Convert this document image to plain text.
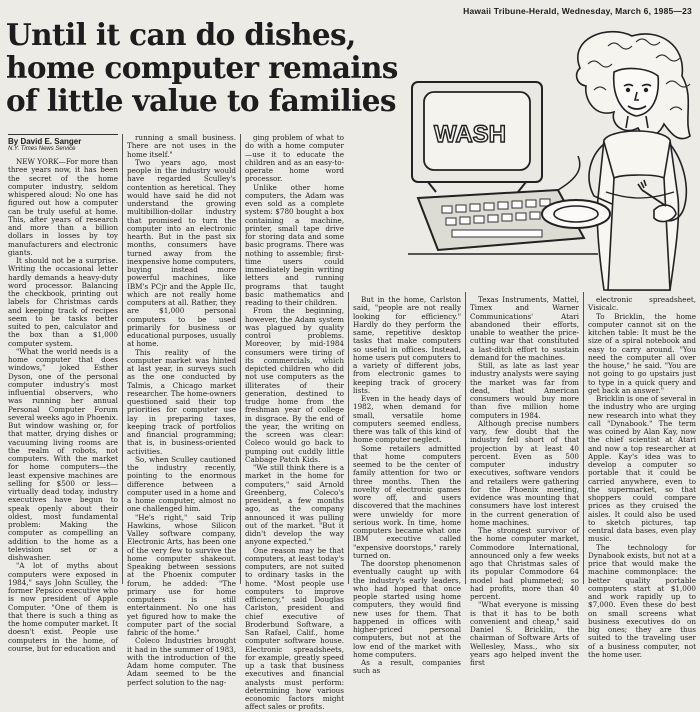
Hawaii Tribune-Herald, Wednesday, March 6, 1985—23
Until it can do dishes,
home computer remains
of little value to families
By David E. Sanger
N.Y. Times News Service
WASH

NEW YORK—For more than three years now, it has been the secret of the home computer industry, seldom whispered aloud: No one has figured out how a computer can be truly useful at home. This, after years of research and more than a billion dollars in losses by toy manufacturers and electronic giants.

It should not be a surprise. Writing the occasional letter hardly demands a heavy-duty word processor. Balancing the checkbook, printing out labels for Christmas cards and keeping track of recipes seem to be tasks better suited to pen, calculator and the box than a $1,000 computer system.

"What the world needs is a home computer that does windows," joked Esther Dyson, one of the personal computer industry's most influential observers, who was running her annual Personal Computer Forum several weeks ago in Phoenix. But window washing or, for that matter, drying dishes or vacuuming living rooms are the realm of robots, not computers. With the market for home computers—the least expensive machines are selling for $500 or less—virtually dead today, industry executives have begun to speak openly about their oldest, most fundamental problem: Making the computer as compelling an addition to the home as a television set or a dishwasher.

"A lot of myths about computers were exposed in 1984," says John Sculley, the former Pepsico executive who is now president of Apple Computer. "One of them is that there is such a thing as the home computer market. It doesn't exist. People use computers in the home, of course, but for education and

running a small business. There are not uses in the home itself."

Two years ago, most people in the industry would have regarded Sculley's contention as heretical. They would have said he did not understand the growing multibillion-dollar industry that promised to turn the computer into an electronic hearth. But in the past six months, consumers have turned away from the inexpensive home computers, buying instead more powerful machines, like IBM's PCjr and the Apple IIc, which are not really home computers at all. Rather, they are $1,000 personal computers to be used primarily for business or educational purposes, usually at home.

This reality of the computer market was hinted at last year, in surveys such as the one conducted by Talmis, a Chicago market researcher. The home-owners questioned said their top priorities for computer use lay in preparing taxes, keeping track of portfolios and financial programming; that is, in business-oriented activities.

So, when Sculley cautioned the industry recently, pointing to the enormous difference between a computer used in a home and a home computer, almost no one challenged him.

"He's right," said Trip Hawkins, whose Silicon Valley software company, Electronic Arts, has been one of the very few to survive the home computer shakeout. Speaking between sessions at the Phoenix computer forum, he added: "The primary use for home computers is still entertainment. No one has yet figured how to make the computer part of the social fabric of the home."

Coleco Industries brought it had in the summer of 1983, with the introduction of the Adam home computer. The Adam seemed to be the perfect solution to the nag-

ging problem of what to do with a home computer—use it to educate the children and as an easy-to-operate home word processor.

Unlike other home computers, the Adam was even sold as a complete system: $780 bought a box containing a machine, printer, small tape drive for storing data and some basic programs. There was nothing to assemble; first-time users could immediately begin writing letters and running programs that taught basic mathematics and reading to their children.

From the beginning, however, the Adam system was plagued by quality control problems. Moreover, by mid-1984 consumers were tiring of its commercials, which depicted children who did not use computers as the illiterates of their generation, destined to trudge home from the freshman year of college in disgrace. By the end of the year, the writing on the screen was clear: Coleco would go back to pumping out cuddly little Cabbage Patch Kids.

"We still think there is a market in the home for computers," said Arnold Greenberg, Coleco's president, a few months ago, as the company announced it was pulling out of the market. "But it didn't develop the way anyone expected."

One reason may be that computers, at least today's computers, are not suited to ordinary tasks in the home. "Most people use computers to improve efficiency," said Douglas Carlston, president and chief executive of Broderbund Software, a San Rafael, Calif., home computer software house. Electronic spreadsheets, for example, greatly speed up a task that business executives and financial analysts must perform: determining how various economic factors might affect sales or profits.

But in the home, Carlston said, "people are not really looking for efficiency." Hardly do they perform the same, repetitive desktop tasks that make computers so useful in offices. Instead, home users put computers to a variety of different jobs, from electronic games to keeping track of grocery lists.

Even in the heady days of 1982, when demand for small, versatile home computers seemed endless, there was talk of this kind of home computer neglect.

Some retailers admitted that home computers seemed to be the center of family attention for two or three months. Then the novelty of electronic games wore off, and users discovered that the machines were unwieldy for more serious work. In time, home computers became what one IBM executive called "expensive doorstops," rarely turned on.

The doorstop phenomenon eventually caught up with the industry's early leaders, who had hoped that once people started using home computers, they would find new uses for them. That happened in offices with higher-priced personal computers, but not at the low end of the market with home computers.

As a result, companies such as

Texas Instruments, Mattel, Timex and Warner Communications' Atari abandoned their efforts, unable to weather the price-cutting war that constituted a last-ditch effort to sustain demand for the machines.

Still, as late as last year industry analysts were saying the market was far from dead, that American consumers would buy more than five million home computers in 1984.

Although precise numbers vary, few doubt that the industry fell short of that projection by at least 40 percent. Even as 500 computer industry executives, software vendors and retailers were gathering for the Phoenix meeting, evidence was mounting that consumers have lost interest in the current generation of home machines.

The strongest survivor of the home computer market, Commodore International, announced only a few weeks ago that Christmas sales of its popular Commodore 64 model had plummeted; so had profits, more than 40 percent.

"What everyone is missing is that it has to be both convenient and cheap," said Daniel S. Bricklin, the chairman of Software Arts of Wellesley, Mass., who six years ago helped invent the first

electronic spreadsheet, Visicalc.

To Bricklin, the home computer cannot sit on the kitchen table: It must be the size of a spiral notebook and easy to carry around. "You need the computer all over the house," he said. "You are not going to go upstairs just to type in a quick query and get back an answer."

Bricklin is one of several in the industry who are urging new research into what they call "Dynabook." The term was coined by Alan Kay, now the chief scientist at Atari and now a top researcher at Apple. Kay's idea was to develop a computer so portable that it could be carried anywhere, even to the supermarket, so that shoppers could compare prices as they cruised the aisles. It could also be used to sketch pictures, tap central data bases, even play music.

The technology for Dynabook exists, but not at a price that would make the machine commonplace: the better quality portable computers start at $1,000 and work rapidly up to $7,000. Even these do best on small screens what business executives do on big ones; they are thus suited to the traveling user of a business computer, not the home user.
